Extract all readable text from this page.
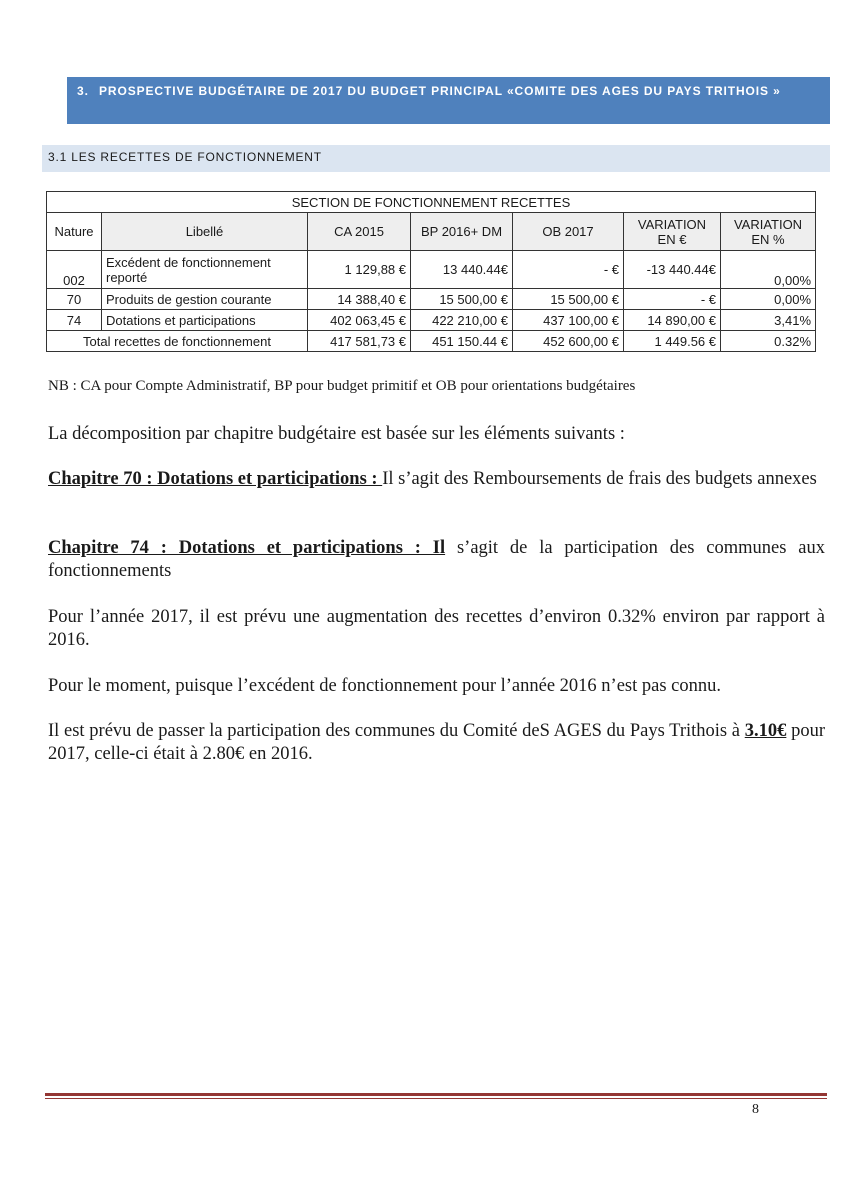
3. PROSPECTIVE BUDGÉTAIRE DE 2017 DU BUDGET PRINCIPAL «COMITE DES AGES DU PAYS TRITHOIS »
3.1 LES RECETTES DE FONCTIONNEMENT
SECTION DE FONCTIONNEMENT RECETTES						
Nature	Libellé	CA 2015	BP 2016+ DM	OB 2017	VARIATION EN €	VARIATION EN %
002	Excédent de fonctionnement reporté	1 129,88 €	13 440.44€	- €	-13 440.44€	0,00%
70	Produits de gestion courante	14 388,40 €	15 500,00 €	15 500,00 €	- €	0,00%
74	Dotations et participations	402 063,45 €	422 210,00 €	437 100,00 €	14 890,00 €	3,41%
Total recettes de fonctionnement		417 581,73 €	451 150.44 €	452 600,00 €	1 449.56 €	0.32%
NB : CA pour Compte Administratif, BP pour budget primitif et OB pour orientations budgétaires

La décomposition par chapitre budgétaire est basée sur les éléments suivants :

Chapitre 70 : Dotations et participations : Il s’agit des Remboursements de frais des budgets annexes

Chapitre 74 : Dotations et participations : Il s’agit de la participation des communes aux fonctionnements

Pour l’année 2017, il est prévu une augmentation des recettes d’environ 0.32% environ par rapport à 2016.

Pour le moment, puisque l’excédent de fonctionnement pour l’année 2016 n’est pas connu.

Il est prévu de passer la participation des communes du Comité deS AGES du Pays Trithois à 3.10€ pour 2017, celle-ci était à 2.80€ en 2016.

8
